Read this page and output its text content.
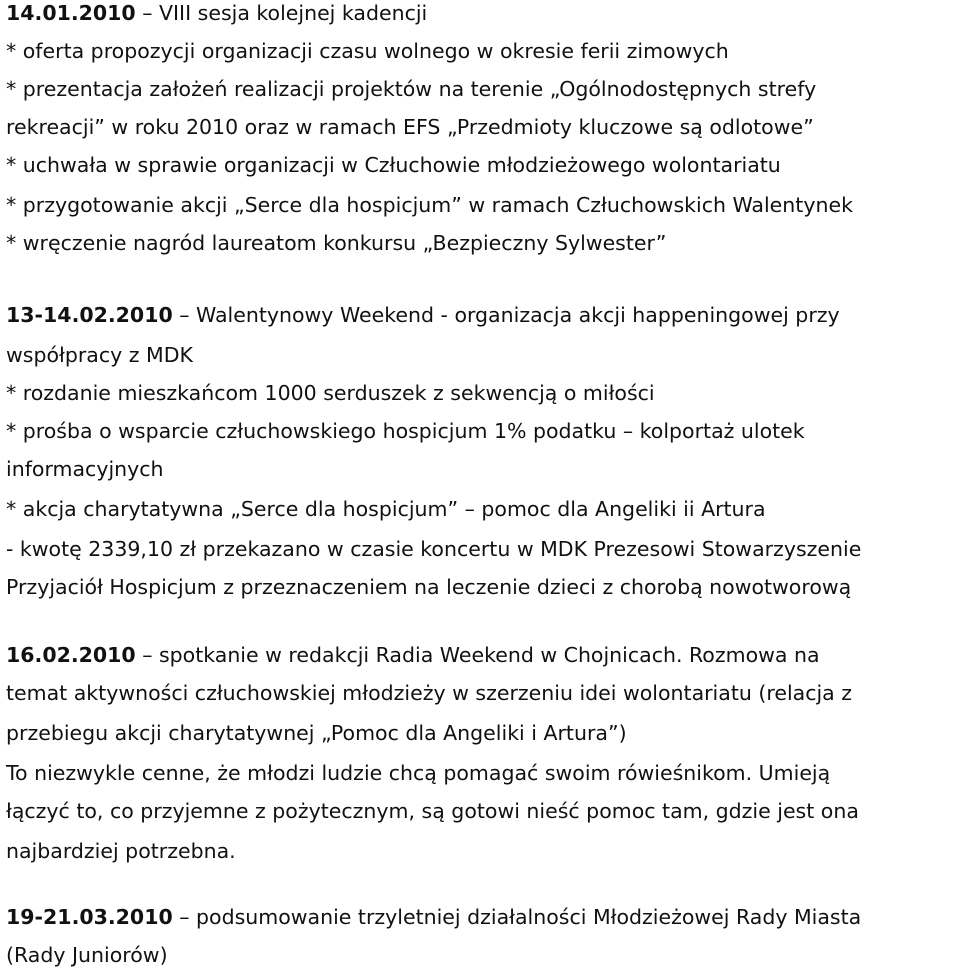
14.01.2010 – VIII sesja kolejnej kadencji
* oferta propozycji organizacji czasu wolnego w okresie ferii zimowych
* prezentacja założeń realizacji projektów na terenie „Ogólnodostępnych strefy
rekreacji” w roku 2010 oraz w ramach EFS „Przedmioty kluczowe są odlotowe”
* uchwała w sprawie organizacji w Człuchowie młodzieżowego wolontariatu
* przygotowanie akcji „Serce dla hospicjum” w ramach Człuchowskich Walentynek
* wręczenie nagród laureatom konkursu „Bezpieczny Sylwester”
13-14.02.2010 – Walentynowy Weekend - organizacja akcji happeningowej przy
współpracy z MDK
* rozdanie mieszkańcom 1000 serduszek z sekwencją o miłości
* prośba o wsparcie człuchowskiego hospicjum 1% podatku – kolportaż ulotek
informacyjnych
* akcja charytatywna „Serce dla hospicjum” – pomoc dla Angeliki ii Artura
- kwotę 2339,10 zł przekazano w czasie koncertu w MDK Prezesowi Stowarzyszenie
Przyjaciół Hospicjum z przeznaczeniem na leczenie dzieci z chorobą nowotworową
16.02.2010 – spotkanie w redakcji Radia Weekend w Chojnicach. Rozmowa na
temat aktywności człuchowskiej młodzieży w szerzeniu idei wolontariatu (relacja z
przebiegu akcji charytatywnej „Pomoc dla Angeliki i Artura”)
To niezwykle cenne, że młodzi ludzie chcą pomagać swoim rówieśnikom. Umieją
łączyć to, co przyjemne z pożytecznym, są gotowi nieść pomoc tam, gdzie jest ona
najbardziej potrzebna.
19-21.03.2010 – podsumowanie trzyletniej działalności Młodzieżowej Rady Miasta
(Rady Juniorów)
